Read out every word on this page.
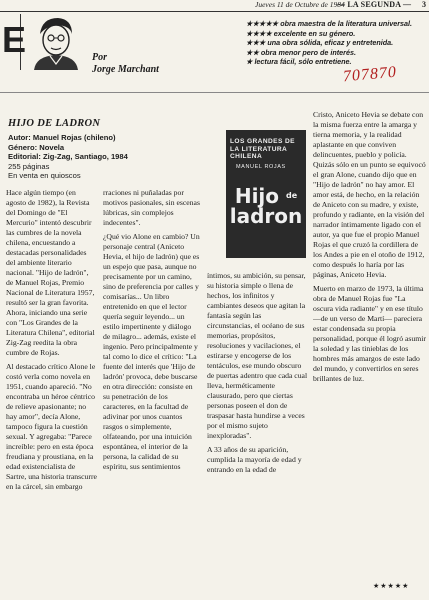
Jueves 11 de Octubre de 1984
— LA SEGUNDA — 3
E	Por
Jorge Marchant
★★★★★ obra maestra de la literatura universal.
★★★★ excelente en su género.
★★★ una obra sólida, eficaz y entretenida.
★★ obra menor pero de interés.
★ lectura fácil, sólo entretiene.
707870
HIJO DE LADRON
Autor: Manuel Rojas (chileno)
Género: Novela
Editorial: Zig-Zag, Santiago, 1984
255 páginas
En venta en quioscos
LOS GRANDES DE LA LITERATURA CHILENA
MANUEL ROJAS
Hijo $^{de}$
ladron

Hace algún tiempo (en agosto de 1982), la Revista del Domingo de "El Mercurio" intentó descubrir las cumbres de la novela chilena, encuestando a destacadas personalidades del ambiente literario nacional. "Hijo de ladrón", de Manuel Rojas, Premio Nacional de Literatura 1957, resultó ser la gran favorita. Ahora, iniciando una serie con "Los Grandes de la Literatura Chilena", editorial Zig-Zag reedita la obra cumbre de Rojas.

Al destacado crítico Alone le costó verla como novela en 1951, cuando apareció. "No encontraba un héroe céntrico de relieve apasionante; no hay amor", decía Alone, tampoco figura la cuestión sexual. Y agregaba: "Parece increíble: pero en esta época freudiana y proustiana, en la edad existencialista de Sartre, una historia transcurre en la cárcel, sin embargo

rraciones ni puñaladas por motivos pasionales, sin escenas lúbricas, sin complejos indecentes".

¿Qué vio Alone en cambio? Un personaje central (Aniceto Hevia, el hijo de ladrón) que es un espejo que pasa, aunque no precisamente por un camino, sino de preferencia por calles y comisarías... Un libro entretenido en que el lector quería seguir leyendo... un estilo impertinente y diálogo de milagro... además, existe el ingenio. Pero principalmente y tal como lo dice el crítico: "La fuente del interés que 'Hijo de ladrón' provoca, debe buscarse en otra dirección: consiste en su penetración de los caracteres, en la facultad de adivinar por unos cuantos rasgos o simplemente, olfateando, por una intuición espontánea, el interior de la persona, la calidad de su espíritu, sus sentimientos

íntimos, su ambición, su pensar, su historia simple o llena de hechos, los infinitos y cambiantes deseos que agitan la fantasía según las circunstancias, el océano de sus memorias, propósitos, resoluciones y vacilaciones, el estirarse y encogerse de los tentáculos, ese mundo obscuro de puertas adentro que cada cual lleva, herméticamente clausurado, pero que ciertas personas poseen el don de traspasar hasta hundirse a veces por el mismo sujeto inexploradas".

A 33 años de su aparición, cumplida la mayoría de edad y entrando en la edad de

Cristo, Aniceto Hevia se debate con la misma fuerza entre la amarga y tierna memoria, y la realidad aplastante en que conviven delincuentes, pueblo y policía. Quizás sólo en un punto se equivocó el gran Alone, cuando dijo que en "Hijo de ladrón" no hay amor. El amor está, de hecho, en la relación de Aniceto con su madre, y existe, profundo y radiante, en la visión del narrador íntimamente ligado con el autor, ya que fue el propio Manuel Rojas el que cruzó la cordillera de los Andes a pie en el otoño de 1912, como después lo haría por las páginas, Aniceto Hevia.

Muerto en marzo de 1973, la última obra de Manuel Rojas fue "La oscura vida radiante" y en ese título —de un verso de Martí— pareciera estar condensada su propia personalidad, porque él logró asumir la soledad y las tinieblas de los hombres más amargos de este lado del mundo, y convertirlos en seres brillantes de luz.

★★★★★
